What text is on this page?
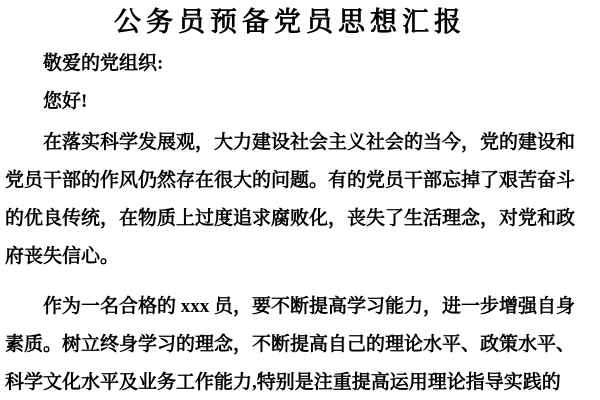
公务员预备党员思想汇报

敬爱的党组织:

您好!

在落实科学发展观，大力建设社会主义社会的当今，党的建设和党员干部的作风仍然存在很大的问题。有的党员干部忘掉了艰苦奋斗的优良传统，在物质上过度追求腐败化，丧失了生活理念，对党和政府丧失信心。

作为一名合格的 xxx 员，要不断提高学习能力，进一步增强自身素质。树立终身学习的理念，不断提高自己的理论水平、政策水平、科学文化水平及业务工作能力,特别是注重提高运用理论指导实践的
